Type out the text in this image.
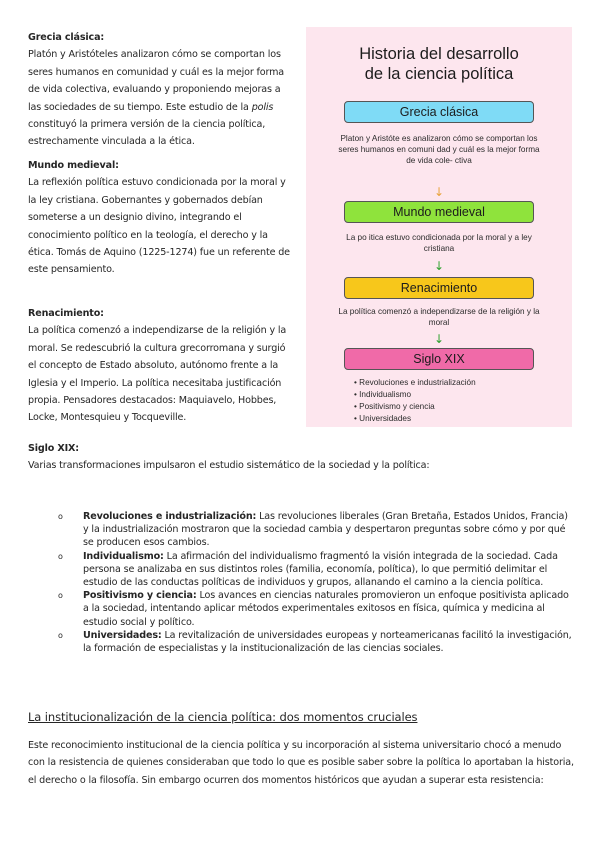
Grecia clásica:

Platón y Aristóteles analizaron cómo se comportan los seres humanos en comunidad y cuál es la mejor forma de vida colectiva, evaluando y proponiendo mejoras a las sociedades de su tiempo. Este estudio de la polis constituyó la primera versión de la ciencia política, estrechamente vinculada a la ética.

Mundo medieval:

La reflexión política estuvo condicionada por la moral y la ley cristiana. Gobernantes y gobernados debían someterse a un designio divino, integrando el conocimiento político en la teología, el derecho y la ética. Tomás de Aquino (1225-1274) fue un referente de este pensamiento.

Renacimiento:

La política comenzó a independizarse de la religión y la moral. Se redescubrió la cultura grecorromana y surgió el concepto de Estado absoluto, autónomo frente a la Iglesia y el Imperio. La política necesitaba justificación propia. Pensadores destacados: Maquiavelo, Hobbes, Locke, Montesquieu y Tocqueville.

Historia del desarrollo
de la ciencia política
Grecia clásica
Platon y Aristóte es analizaron cómo se comportan los seres humanos en comuni dad y cuál es la mejor forma de vida cole- ctiva
↓
Mundo medieval
La po itica estuvo condicionada por la moral y a ley cristiana
↓
Renacimiento
La política comenzó a independizarse de la religión y la moral
↓
Siglo XIX
• Revoluciones e industrialización
• Individualismo
• Positivismo y ciencia
• Universidades
Siglo XIX:

Varias transformaciones impulsaron el estudio sistemático de la sociedad y la política:

o Revoluciones e industrialización: Las revoluciones liberales (Gran Bretaña, Estados Unidos, Francia) y la industrialización mostraron que la sociedad cambia y despertaron preguntas sobre cómo y por qué se producen esos cambios.
o Individualismo: La afirmación del individualismo fragmentó la visión integrada de la sociedad. Cada persona se analizaba en sus distintos roles (familia, economía, política), lo que permitió delimitar el estudio de las conductas políticas de individuos y grupos, allanando el camino a la ciencia política.
o Positivismo y ciencia: Los avances en ciencias naturales promovieron un enfoque positivista aplicado a la sociedad, intentando aplicar métodos experimentales exitosos en física, química y medicina al estudio social y político.
o Universidades: La revitalización de universidades europeas y norteamericanas facilitó la investigación, la formación de especialistas y la institucionalización de las ciencias sociales.
La institucionalización de la ciencia política: dos momentos cruciales

Este reconocimiento institucional de la ciencia política y su incorporación al sistema universitario chocó a menudo con la resistencia de quienes consideraban que todo lo que es posible saber sobre la política lo aportaban la historia, el derecho o la filosofía. Sin embargo ocurren dos momentos históricos que ayudan a superar esta resistencia:
